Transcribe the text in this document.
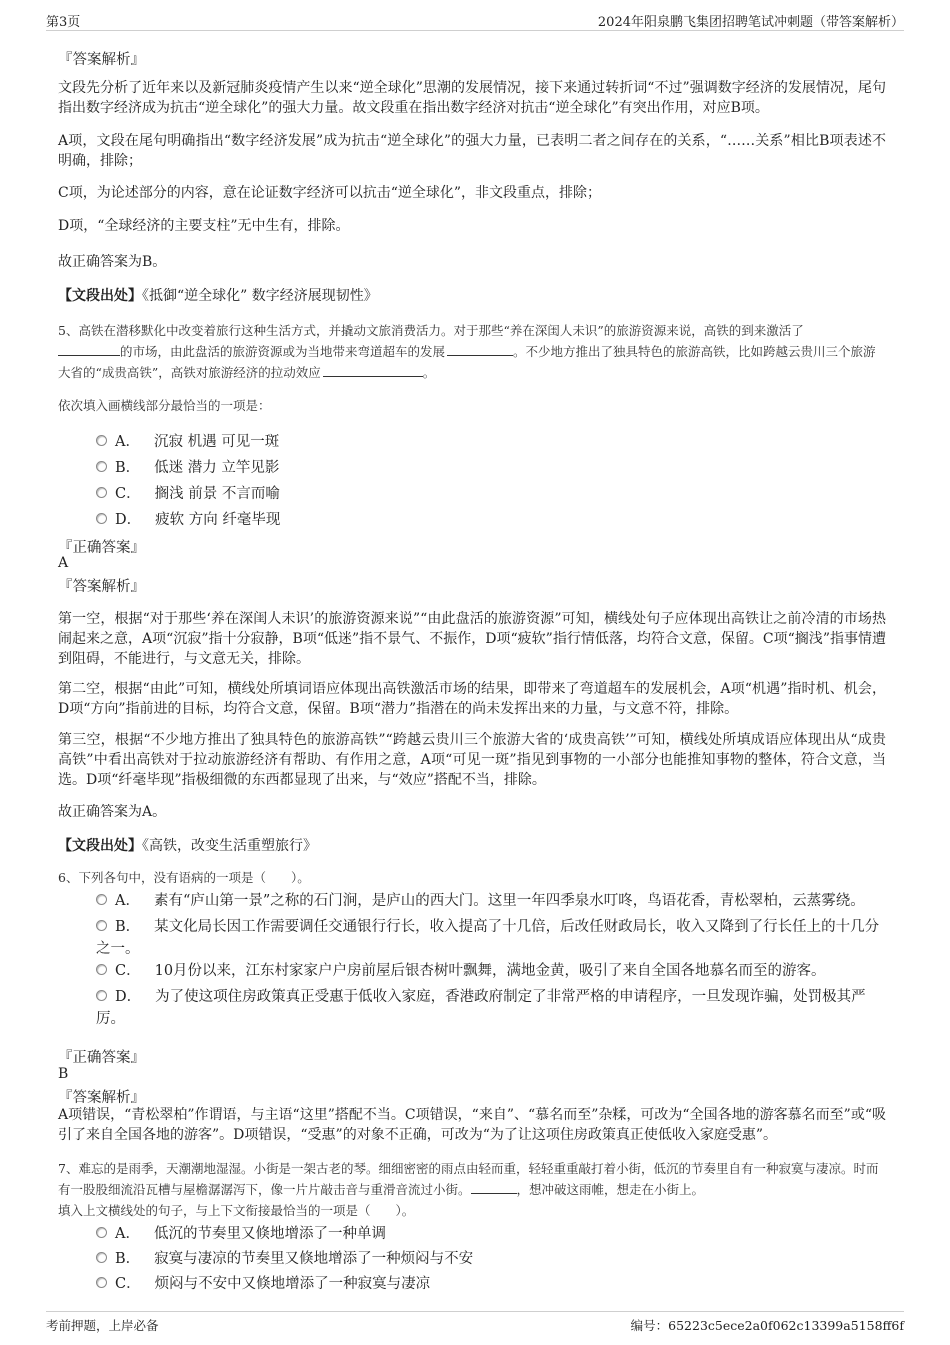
第3页	2024年阳泉鹏飞集团招聘笔试冲刺题（带答案解析）
『答案解析』
文段先分析了近年来以及新冠肺炎疫情产生以来“逆全球化”思潮的发展情况，接下来通过转折词“不过”强调数字经济的发展情况，尾句指出数字经济成为抗击“逆全球化”的强大力量。故文段重在指出数字经济对抗击“逆全球化”有突出作用，对应B项。
A项，文段在尾句明确指出“数字经济发展”成为抗击“逆全球化”的强大力量，已表明二者之间存在的关系，“……关系”相比B项表述不明确，排除；
C项，为论述部分的内容，意在论证数字经济可以抗击“逆全球化”，非文段重点，排除；
D项，“全球经济的主要支柱”无中生有，排除。
故正确答案为B。
【文段出处】《抵御“逆全球化” 数字经济展现韧性》
5、高铁在潜移默化中改变着旅行这种生活方式，并撬动文旅消费活力。对于那些“养在深闺人未识”的旅游资源来说，高铁的到来激活了
的市场，由此盘活的旅游资源或为当地带来弯道超车的发展	。不少地方推出了独具特色的旅游高铁，比如跨越云贵川三个旅游大省的“成贵高铁”，高铁对旅游经济的拉动效应	。
依次填入画横线部分最恰当的一项是：
A． 沉寂 机遇 可见一斑
B． 低迷 潜力 立竿见影
C． 搁浅 前景 不言而喻
D． 疲软 方向 纤毫毕现
『正确答案』
A
『答案解析』
第一空，根据“对于那些‘养在深闺人未识’的旅游资源来说”“由此盘活的旅游资源”可知，横线处句子应体现出高铁让之前冷清的市场热闹起来之意，A项“沉寂”指十分寂静，B项“低迷”指不景气、不振作，D项“疲软”指行情低落，均符合文意，保留。C项“搁浅”指事情遭到阻碍，不能进行，与文意无关，排除。
第二空，根据“由此”可知，横线处所填词语应体现出高铁激活市场的结果，即带来了弯道超车的发展机会，A项“机遇”指时机、机会，D项“方向”指前进的目标，均符合文意，保留。B项“潜力”指潜在的尚未发挥出来的力量，与文意不符，排除。
第三空，根据“不少地方推出了独具特色的旅游高铁”“跨越云贵川三个旅游大省的‘成贵高铁’”可知，横线处所填成语应体现出从“成贵高铁”中看出高铁对于拉动旅游经济有帮助、有作用之意，A项“可见一斑”指见到事物的一小部分也能推知事物的整体，符合文意，当选。D项“纤毫毕现”指极细微的东西都显现了出来，与“效应”搭配不当，排除。
故正确答案为A。
【文段出处】《高铁，改变生活重塑旅行》
6、下列各句中，没有语病的一项是（　　）。
A． 素有“庐山第一景”之称的石门涧，是庐山的西大门。这里一年四季泉水叮咚，鸟语花香，青松翠柏，云蒸雾绕。
B． 某文化局长因工作需要调任交通银行行长，收入提高了十几倍，后改任财政局长，收入又降到了行长任上的十几分之一。
C． 10月份以来，江东村家家户户房前屋后银杏树叶飘舞，满地金黄，吸引了来自全国各地慕名而至的游客。
D． 为了使这项住房政策真正受惠于低收入家庭，香港政府制定了非常严格的申请程序，一旦发现诈骗，处罚极其严厉。
『正确答案』
B
『答案解析』
A项错误，“青松翠柏”作谓语，与主语“这里”搭配不当。C项错误，“来自”、“慕名而至”杂糅，可改为“全国各地的游客慕名而至”或“吸引了来自全国各地的游客”。D项错误，“受惠”的对象不正确，可改为“为了让这项住房政策真正使低收入家庭受惠”。
7、难忘的是雨季，天潮潮地湿湿。小街是一架古老的琴。细细密密的雨点由轻而重，轻轻重重敲打着小街，低沉的节奏里自有一种寂寞与凄凉。时而有一股股细流沿瓦槽与屋檐潺潺泻下，像一片片敲击音与重滑音流过小街。	，想冲破这雨帷，想走在小街上。
填入上文横线处的句子，与上下文衔接最恰当的一项是（　　）。
A． 低沉的节奏里又倏地增添了一种单调
B． 寂寞与凄凉的节奏里又倏地增添了一种烦闷与不安
C． 烦闷与不安中又倏地增添了一种寂寞与凄凉
考前押题，上岸必备	编号：65223c5ece2a0f062c13399a5158ff6f
